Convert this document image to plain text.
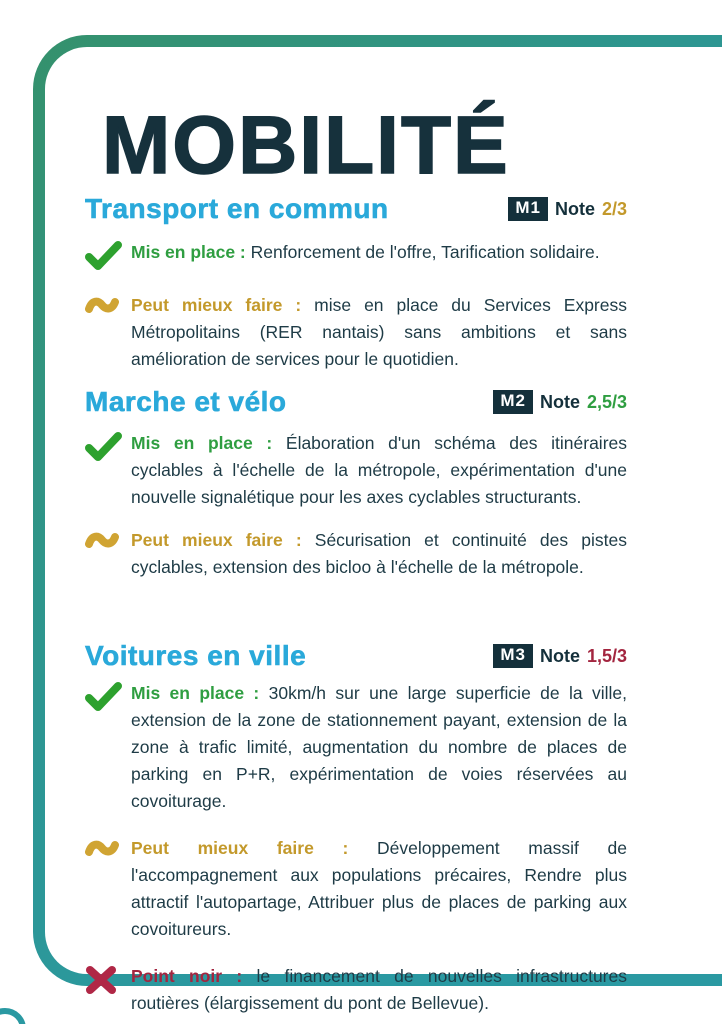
MOBILITÉ
Transport en commun	M1 Note 2/3

Mis en place : Renforcement de l'offre, Tarification solidaire.

Peut mieux faire : mise en place du Services Express Métropolitains (RER nantais) sans ambitions et sans amélioration de services pour le quotidien.

Marche et vélo	M2 Note 2,5/3

Mis en place : Élaboration d'un schéma des itinéraires cyclables à l'échelle de la métropole, expérimentation d'une nouvelle signalétique pour les axes cyclables structurants.

Peut mieux faire : Sécurisation et continuité des pistes cyclables, extension des bicloo à l'échelle de la métropole.

Voitures en ville	M3 Note 1,5/3

Mis en place : 30km/h sur une large superficie de la ville, extension de la zone de stationnement payant, extension de la zone à trafic limité, augmentation du nombre de places de parking en P+R, expérimentation de voies réservées au covoiturage.

Peut mieux faire : Développement massif de l'accompagnement aux populations précaires, Rendre plus attractif l'autopartage, Attribuer plus de places de parking aux covoitureurs.

Point noir : le financement de nouvelles infrastructures routières (élargissement du pont de Bellevue).
